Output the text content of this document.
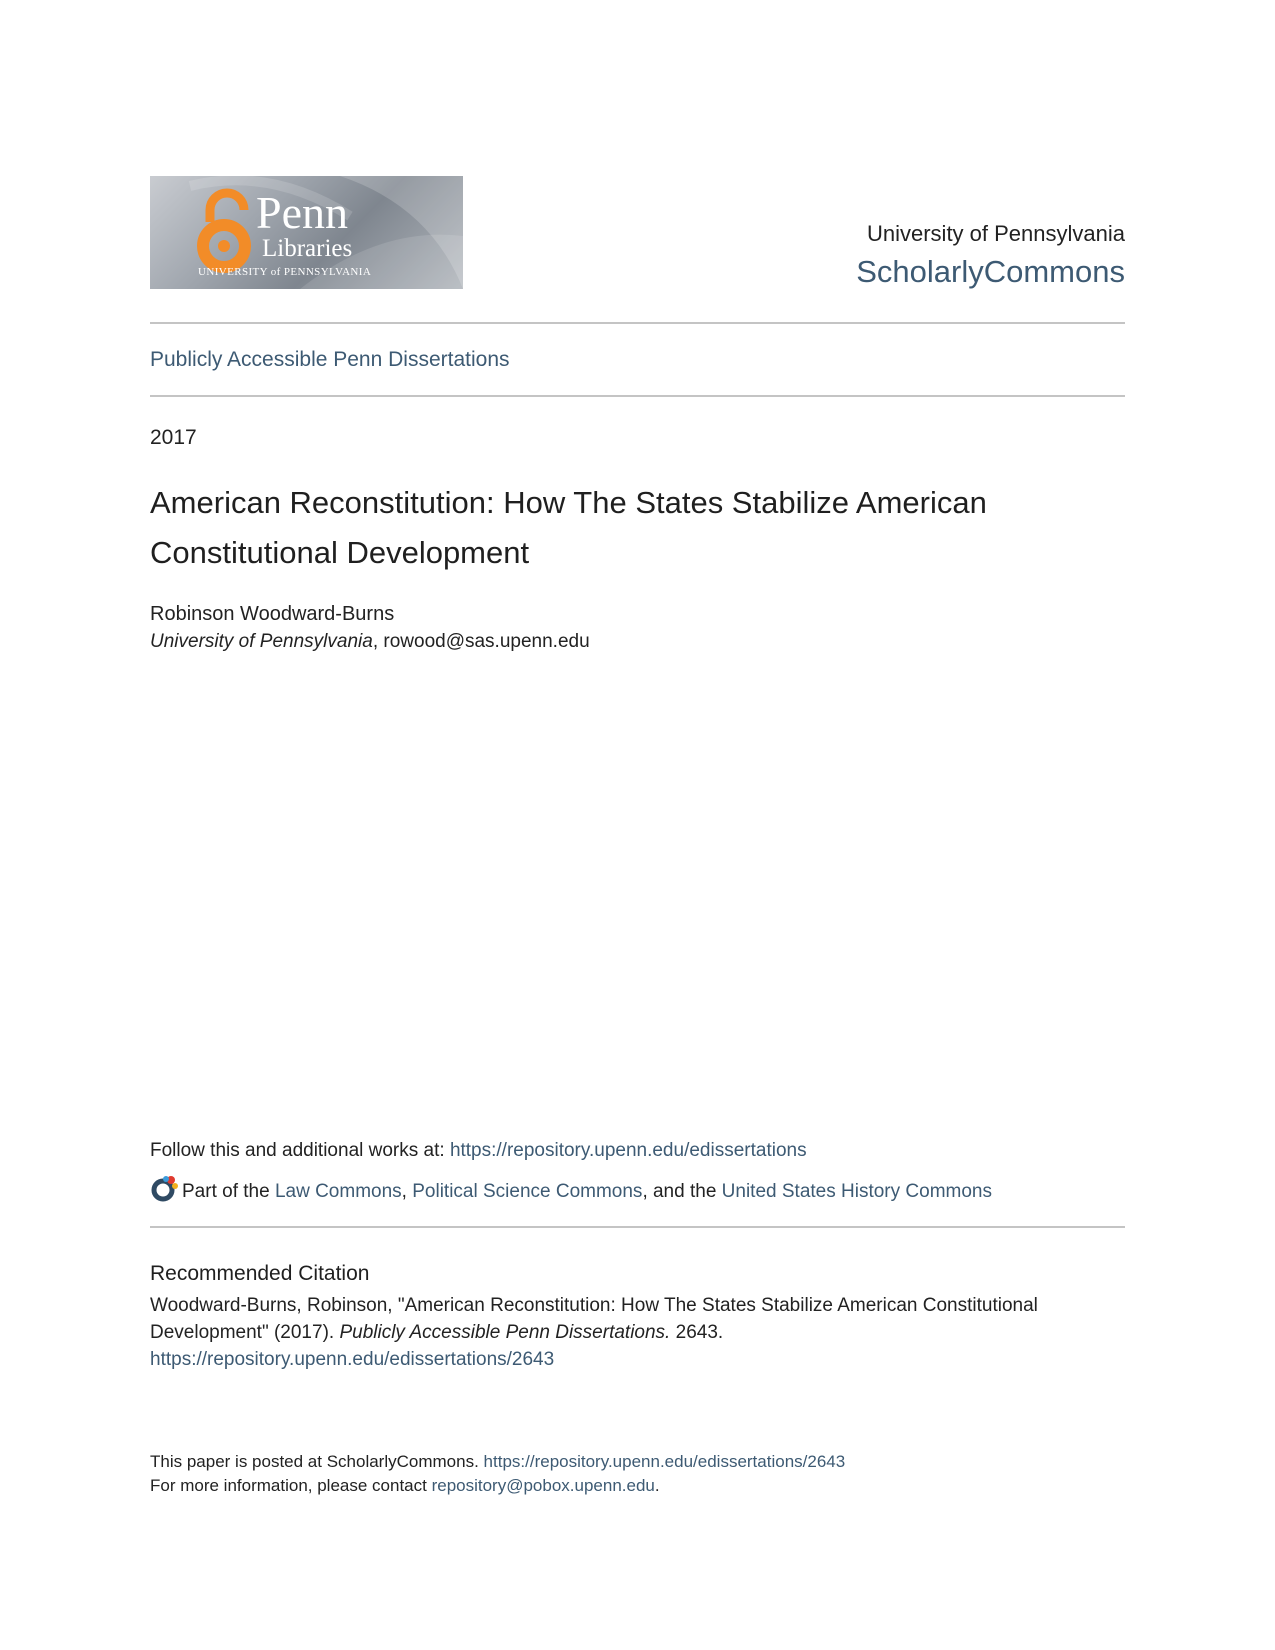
Penn
Libraries
UNIVERSITY of PENNSYLVANIA
University of Pennsylvania
ScholarlyCommons
Publicly Accessible Penn Dissertations
2017
American Reconstitution: How The States Stabilize American
Constitutional Development
Robinson Woodward-Burns
University of Pennsylvania, rowood@sas.upenn.edu
Follow this and additional works at: https://repository.upenn.edu/edissertations
Part of the Law Commons, Political Science Commons, and the United States History Commons
Recommended Citation
Woodward-Burns, Robinson, "American Reconstitution: How The States Stabilize American Constitutional
Development" (2017). Publicly Accessible Penn Dissertations. 2643.
https://repository.upenn.edu/edissertations/2643
This paper is posted at ScholarlyCommons. https://repository.upenn.edu/edissertations/2643
For more information, please contact repository@pobox.upenn.edu.
